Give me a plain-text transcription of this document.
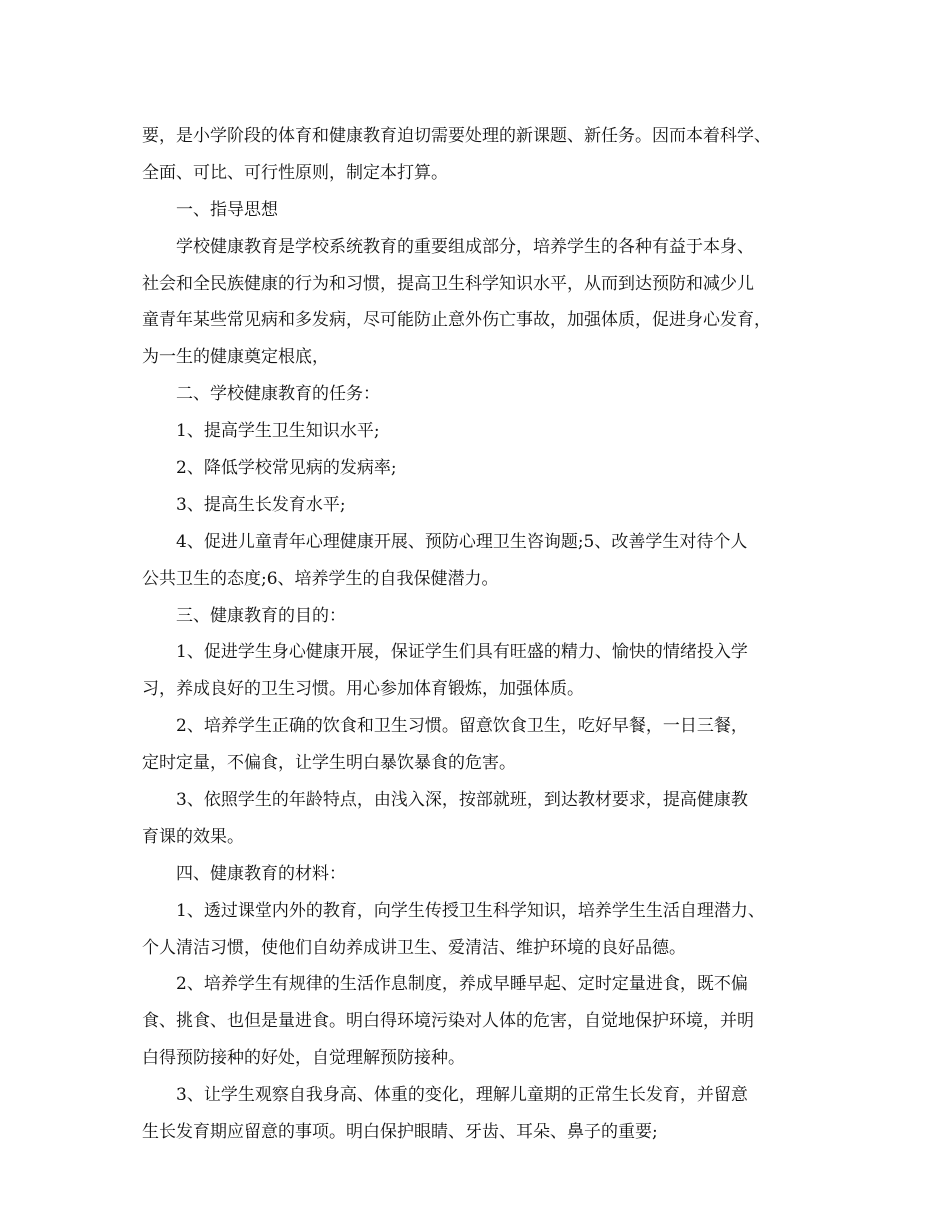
要，是小学阶段的体育和健康教育迫切需要处理的新课题、新任务。因而本着科学、
全面、可比、可行性原则，制定本打算。
一、指导思想
学校健康教育是学校系统教育的重要组成部分，培养学生的各种有益于本身、
社会和全民族健康的行为和习惯，提高卫生科学知识水平，从而到达预防和减少儿
童青年某些常见病和多发病，尽可能防止意外伤亡事故，加强体质，促进身心发育，
为一生的健康奠定根底，
二、学校健康教育的任务：
1、提高学生卫生知识水平;
2、降低学校常见病的发病率;
3、提高生长发育水平;
4、促进儿童青年心理健康开展、预防心理卫生咨询题;5、改善学生对待个人
公共卫生的态度;6、培养学生的自我保健潜力。
三、健康教育的目的：
1、促进学生身心健康开展，保证学生们具有旺盛的精力、愉快的情绪投入学
习，养成良好的卫生习惯。用心参加体育锻炼，加强体质。
2、培养学生正确的饮食和卫生习惯。留意饮食卫生，吃好早餐，一日三餐，
定时定量，不偏食，让学生明白暴饮暴食的危害。
3、依照学生的年龄特点，由浅入深，按部就班，到达教材要求，提高健康教
育课的效果。
四、健康教育的材料：
1、透过课堂内外的教育，向学生传授卫生科学知识，培养学生生活自理潜力、
个人清洁习惯，使他们自幼养成讲卫生、爱清洁、维护环境的良好品德。
2、培养学生有规律的生活作息制度，养成早睡早起、定时定量进食，既不偏
食、挑食、也但是量进食。明白得环境污染对人体的危害，自觉地保护环境，并明
白得预防接种的好处，自觉理解预防接种。
3、让学生观察自我身高、体重的变化，理解儿童期的正常生长发育，并留意
生长发育期应留意的事项。明白保护眼睛、牙齿、耳朵、鼻子的重要;
